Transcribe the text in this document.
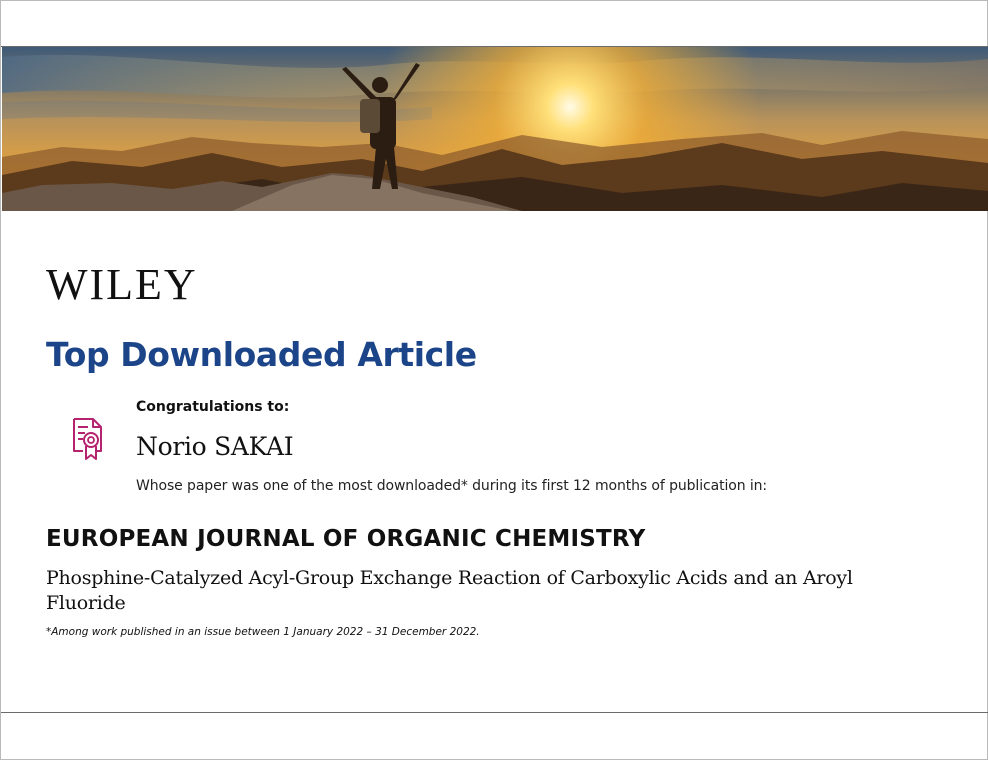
WILEY
Top Downloaded Article
Congratulations to:
Norio SAKAI
Whose paper was one of the most downloaded* during its first 12 months of publication in:
EUROPEAN JOURNAL OF ORGANIC CHEMISTRY
Phosphine-Catalyzed Acyl-Group Exchange Reaction of Carboxylic Acids and an Aroyl Fluoride
*Among work published in an issue between 1 January 2022 – 31 December 2022.
